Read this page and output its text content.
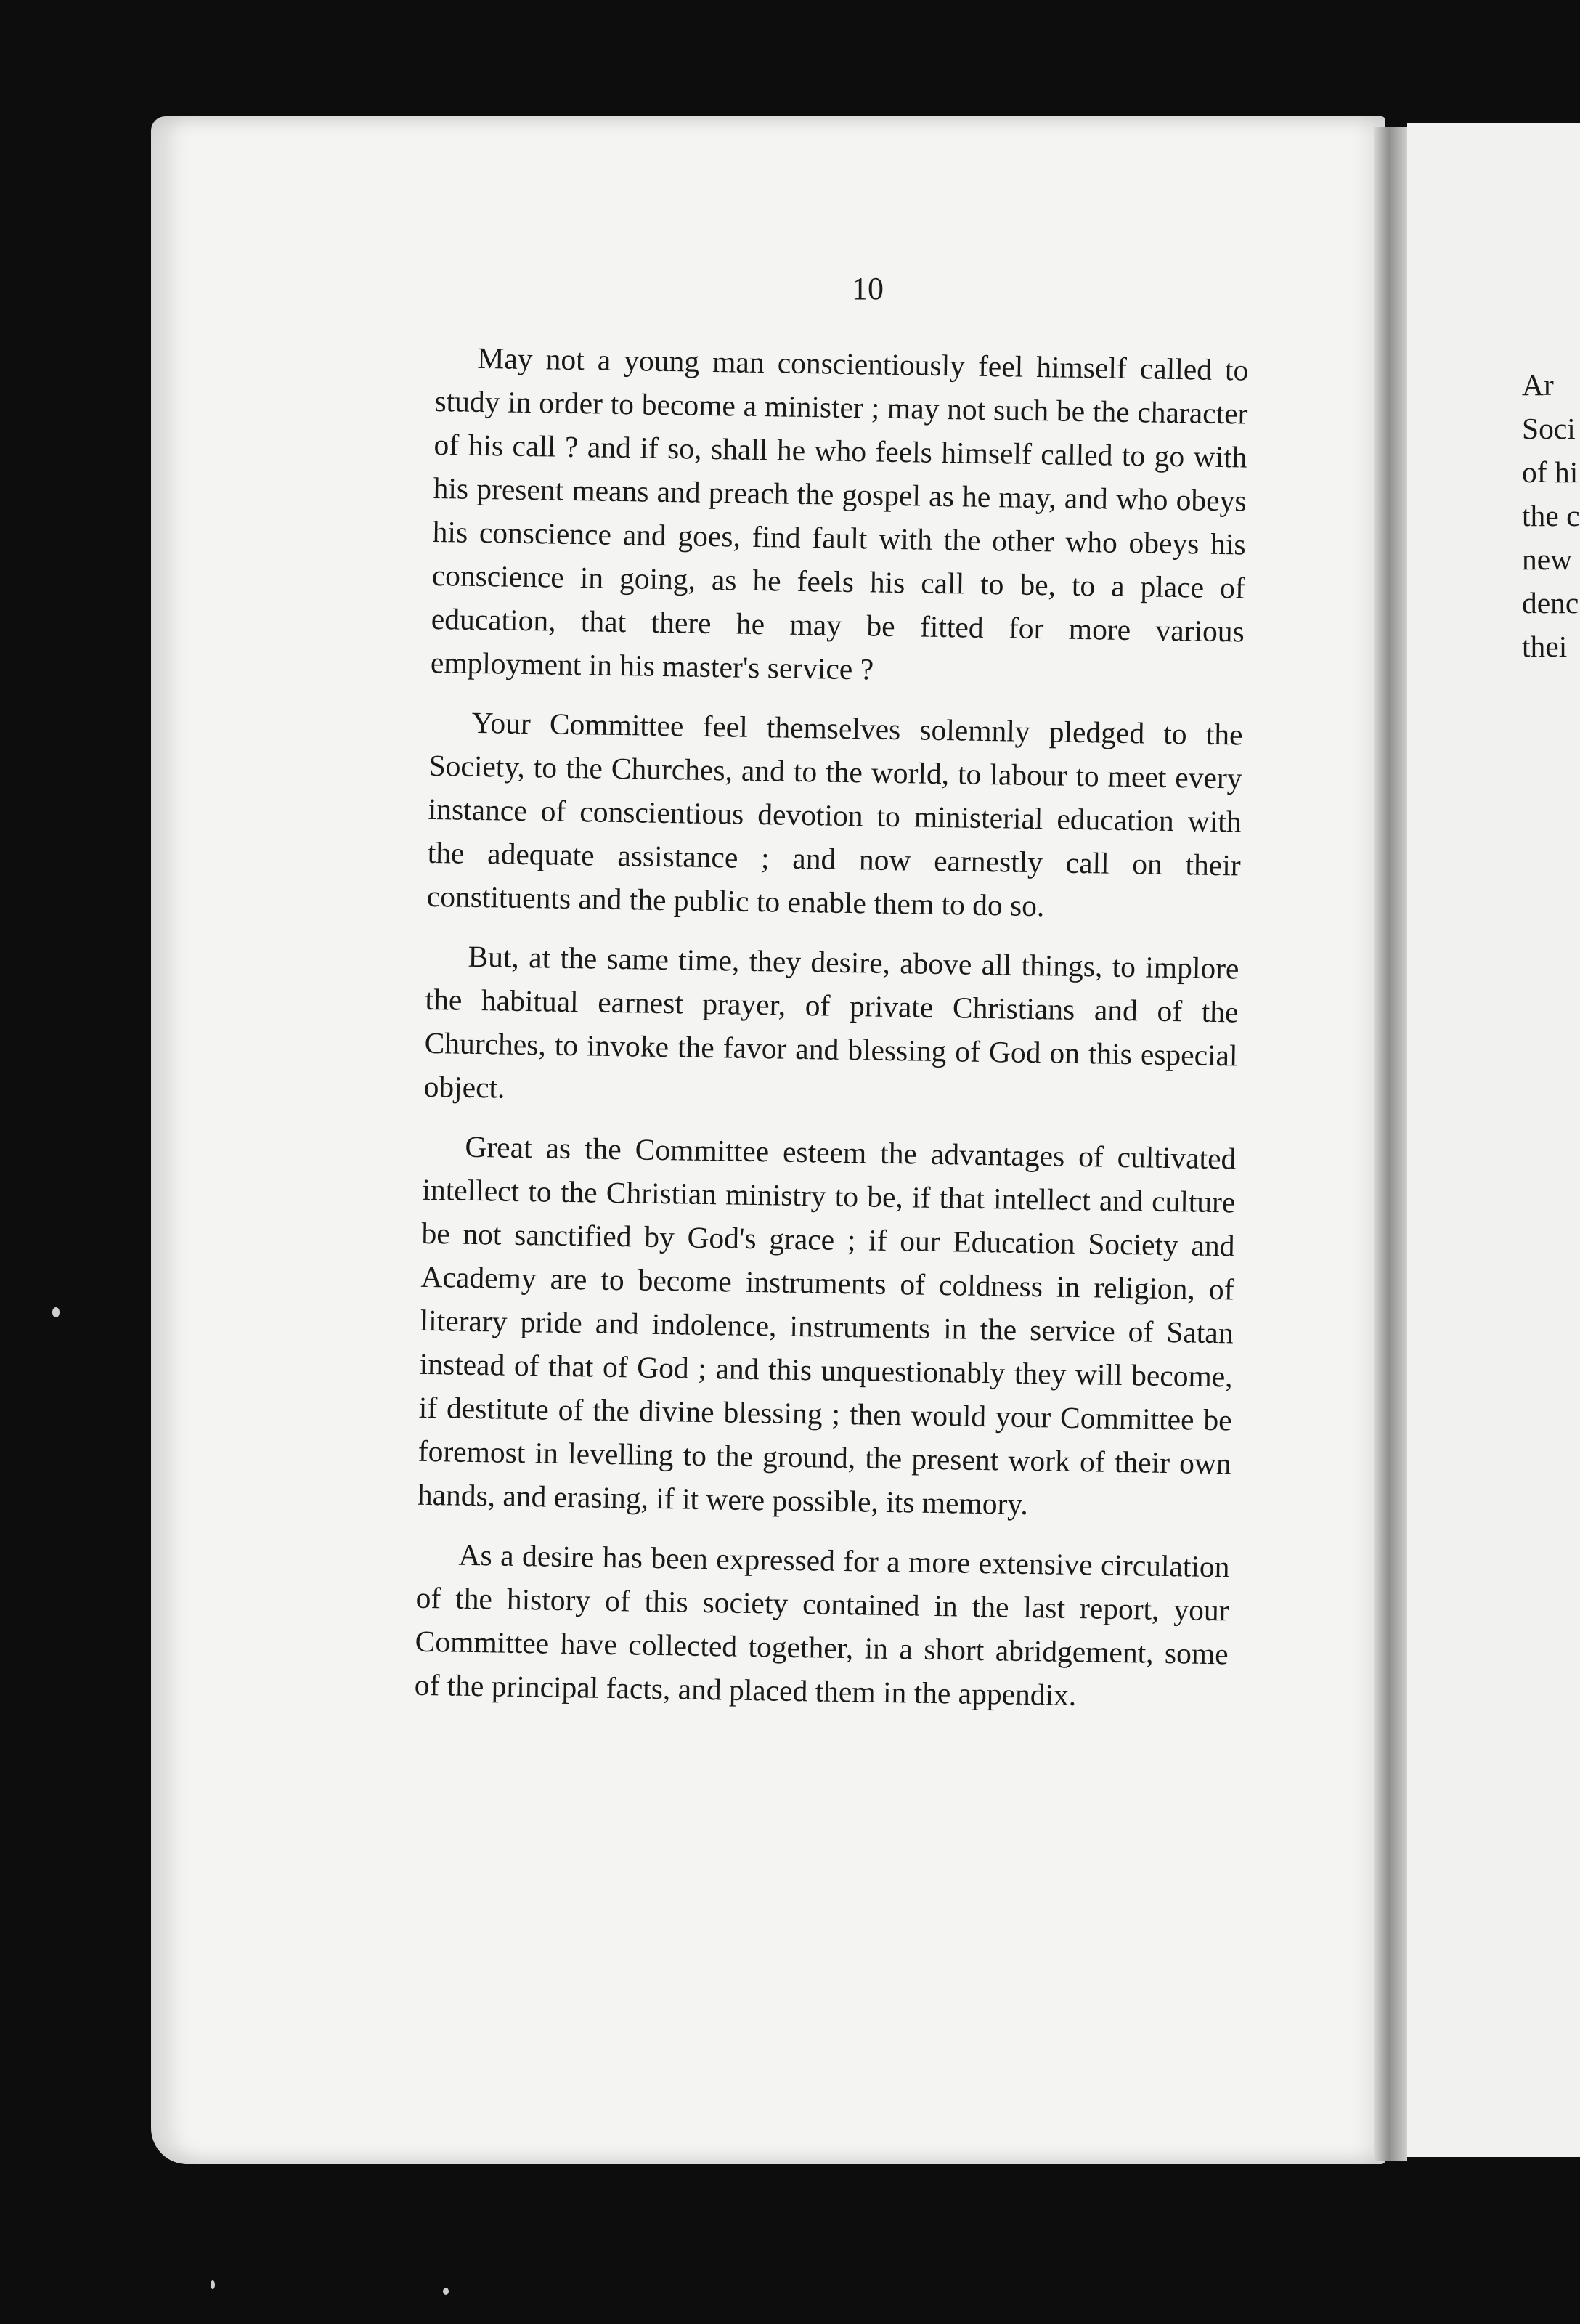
10

May not a young man conscientiously feel himself called to study in order to become a minister ; may not such be the character of his call ? and if so, shall he who feels himself called to go with his present means and preach the gospel as he may, and who obeys his conscience and goes, find fault with the other who obeys his conscience in going, as he feels his call to be, to a place of education, that there he may be fitted for more various employment in his master's service ?

Your Committee feel themselves solemnly pledged to the Society, to the Churches, and to the world, to labour to meet every instance of conscientious devotion to ministerial education with the adequate assistance ; and now earnestly call on their constituents and the public to enable them to do so.

But, at the same time, they desire, above all things, to implore the habitual earnest prayer, of private Christians and of the Churches, to invoke the favor and blessing of God on this especial object.

Great as the Committee esteem the advantages of cultivated intellect to the Christian ministry to be, if that intellect and culture be not sanctified by God's grace ; if our Education Society and Academy are to become instruments of coldness in religion, of literary pride and indolence, instruments in the service of Satan instead of that of God ; and this unquestionably they will become, if destitute of the divine blessing ; then would your Committee be foremost in levelling to the ground, the present work of their own hands, and erasing, if it were possible, its memory.

As a desire has been expressed for a more extensive circulation of the history of this society contained in the last report, your Committee have collected together, in a short abridgement, some of the principal facts, and placed them in the appendix.

Ar
Soci
of hi
the c
new
denc
thei
